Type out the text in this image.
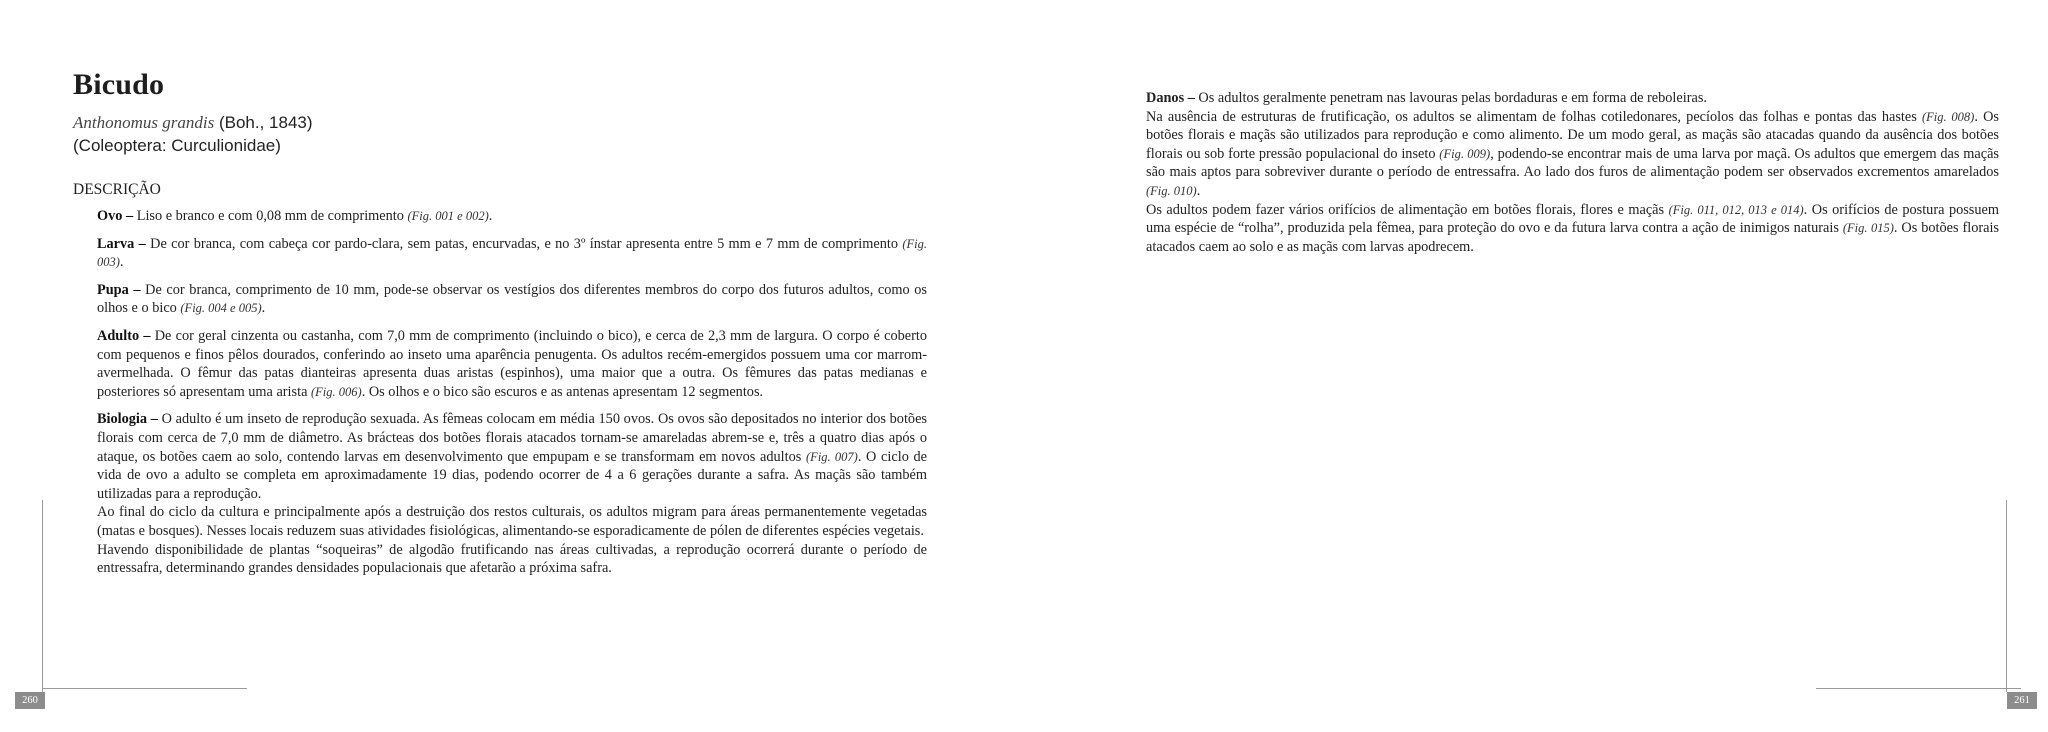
Bicudo
Anthonomus grandis (Boh., 1843)
(Coleoptera: Curculionidae)
DESCRIÇÃO

Ovo – Liso e branco e com 0,08 mm de comprimento (Fig. 001 e 002).

Larva – De cor branca, com cabeça cor pardo-clara, sem patas, encurvadas, e no 3º ínstar apresenta entre 5 mm e 7 mm de comprimento (Fig. 003).

Pupa – De cor branca, comprimento de 10 mm, pode-se observar os vestígios dos diferentes membros do corpo dos futuros adultos, como os olhos e o bico (Fig. 004 e 005).

Adulto – De cor geral cinzenta ou castanha, com 7,0 mm de comprimento (incluindo o bico), e cerca de 2,3 mm de largura. O corpo é coberto com pequenos e finos pêlos dourados, conferindo ao inseto uma aparência penugenta. Os adultos recém-emergidos possuem uma cor marrom-avermelhada. O fêmur das patas dianteiras apresenta duas aristas (espinhos), uma maior que a outra. Os fêmures das patas medianas e posteriores só apresentam uma arista (Fig. 006). Os olhos e o bico são escuros e as antenas apresentam 12 segmentos.

Biologia – O adulto é um inseto de reprodução sexuada. As fêmeas colocam em média 150 ovos. Os ovos são depositados no interior dos botões florais com cerca de 7,0 mm de diâmetro. As brácteas dos botões florais atacados tornam-se amareladas abrem-se e, três a quatro dias após o ataque, os botões caem ao solo, contendo larvas em desenvolvimento que empupam e se transformam em novos adultos (Fig. 007). O ciclo de vida de ovo a adulto se completa em aproximadamente 19 dias, podendo ocorrer de 4 a 6 gerações durante a safra. As maçãs são também utilizadas para a reprodução.

Ao final do ciclo da cultura e principalmente após a destruição dos restos culturais, os adultos migram para áreas permanentemente vegetadas (matas e bosques). Nesses locais reduzem suas atividades fisiológicas, alimentando-se esporadicamente de pólen de diferentes espécies vegetais.

Havendo disponibilidade de plantas “soqueiras” de algodão frutificando nas áreas cultivadas, a reprodução ocorrerá durante o período de entressafra, determinando grandes densidades populacionais que afetarão a próxima safra.

260

Danos – Os adultos geralmente penetram nas lavouras pelas bordaduras e em forma de reboleiras.

Na ausência de estruturas de frutificação, os adultos se alimentam de folhas cotiledonares, pecíolos das folhas e pontas das hastes (Fig. 008). Os botões florais e maçãs são utilizados para reprodução e como alimento. De um modo geral, as maçãs são atacadas quando da ausência dos botões florais ou sob forte pressão populacional do inseto (Fig. 009), podendo-se encontrar mais de uma larva por maçã. Os adultos que emergem das maçãs são mais aptos para sobreviver durante o período de entressafra. Ao lado dos furos de alimentação podem ser observados excrementos amarelados (Fig. 010).

Os adultos podem fazer vários orifícios de alimentação em botões florais, flores e maçãs (Fig. 011, 012, 013 e 014). Os orifícios de postura possuem uma espécie de “rolha”, produzida pela fêmea, para proteção do ovo e da futura larva contra a ação de inimigos naturais (Fig. 015). Os botões florais atacados caem ao solo e as maçãs com larvas apodrecem.

261
